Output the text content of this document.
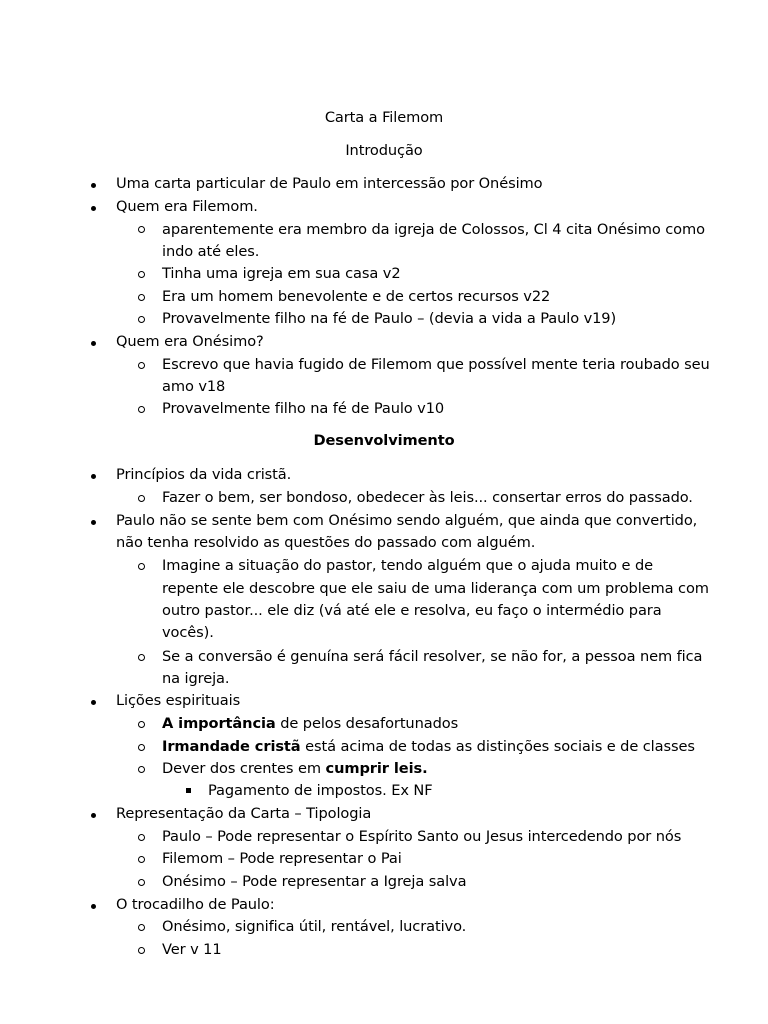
Carta a Filemom
Introdução
Uma carta particular de Paulo em intercessão por Onésimo
Quem era Filemom.
aparentemente era membro da igreja de Colossos, Cl 4 cita Onésimo como
indo até eles.
Tinha uma igreja em sua casa v2
Era um homem benevolente e de certos recursos v22
Provavelmente filho na fé de Paulo – (devia a vida a Paulo v19)
Quem era Onésimo?
Escrevo que havia fugido de Filemom que possível mente teria roubado seu
amo v18
Provavelmente filho na fé de Paulo v10
Desenvolvimento
Princípios da vida cristã.
Fazer o bem, ser bondoso, obedecer às leis... consertar erros do passado.
Paulo não se sente bem com Onésimo sendo alguém, que ainda que convertido,
não tenha resolvido as questões do passado com alguém.
Imagine a situação do pastor, tendo alguém que o ajuda muito e de
repente ele descobre que ele saiu de uma liderança com um problema com
outro pastor... ele diz (vá até ele e resolva, eu faço o intermédio para
vocês).
Se a conversão é genuína será fácil resolver, se não for, a pessoa nem fica
na igreja.
Lições espirituais
A importância de pelos desafortunados
Irmandade cristã está acima de todas as distinções sociais e de classes
Dever dos crentes em cumprir leis.
Pagamento de impostos. Ex NF
Representação da Carta – Tipologia
Paulo – Pode representar o Espírito Santo ou Jesus intercedendo por nós
Filemom – Pode representar o Pai
Onésimo – Pode representar a Igreja salva
O trocadilho de Paulo:
Onésimo, significa útil, rentável, lucrativo.
Ver v 11
